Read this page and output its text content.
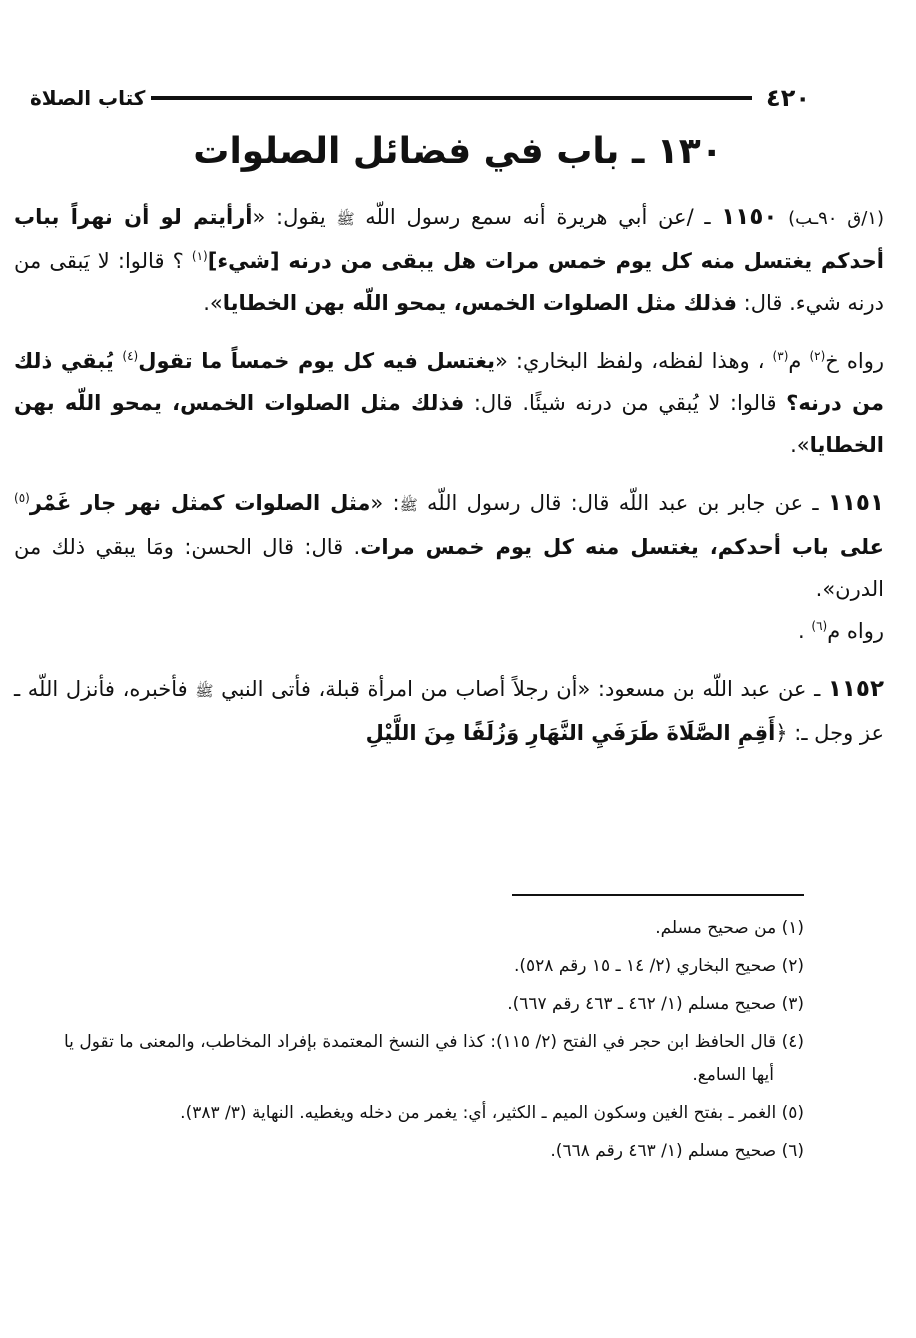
٤٢٠
كتاب الصلاة
١٣٠ ـ باب في فضائل الصلوات

(١/ق ٩٠ـب) ١١٥٠ ـ /عن أبي هريرة أنه سمع رسول اللّه ﷺ يقول: «أرأيتم لو أن نهراً بباب أحدكم يغتسل منه كل يوم خمس مرات هل يبقى من درنه [شيء]$^{(١)}$ ؟ قالوا: لا يَبقى من درنه شيء. قال: فذلك مثل الصلوات الخمس، يمحو اللّه بهن الخطايا».

رواه خ$^{(٢)}$ م$^{(٣)}$ ، وهذا لفظه، ولفظ البخاري: «يغتسل فيه كل يوم خمساً ما تقول$^{(٤)}$ يُبقي ذلك من درنه؟ قالوا: لا يُبقي من درنه شيئًا. قال: فذلك مثل الصلوات الخمس، يمحو اللّه بهن الخطايا».

١١٥١ ـ عن جابر بن عبد اللّه قال: قال رسول اللّه ﷺ: «مثل الصلوات كمثل نهر جار غَمْر$^{(٥)}$ على باب أحدكم، يغتسل منه كل يوم خمس مرات. قال: قال الحسن: ومَا يبقي ذلك من الدرن».
رواه م$^{(٦)}$ .

١١٥٢ ـ عن عبد اللّه بن مسعود: «أن رجلاً أصاب من امرأة قبلة، فأتى النبي ﷺ فأخبره، فأنزل اللّه ـ عز وجل ـ: ﴿أَقِمِ الصَّلَاةَ طَرَفَيِ النَّهَارِ وَزُلَفًا مِنَ اللَّيْلِ

(١) من صحيح مسلم.

(٢) صحيح البخاري (٢/ ١٤ ـ ١٥ رقم ٥٢٨).

(٣) صحيح مسلم (١/ ٤٦٢ ـ ٤٦٣ رقم ٦٦٧).

(٤) قال الحافظ ابن حجر في الفتح (٢/ ١١٥): كذا في النسخ المعتمدة بإفراد المخاطب، والمعنى ما تقول يا أيها السامع.

(٥) الغمر ـ بفتح الغين وسكون الميم ـ الكثير، أي: يغمر من دخله ويغطيه. النهاية (٣/ ٣٨٣).

(٦) صحيح مسلم (١/ ٤٦٣ رقم ٦٦٨).
